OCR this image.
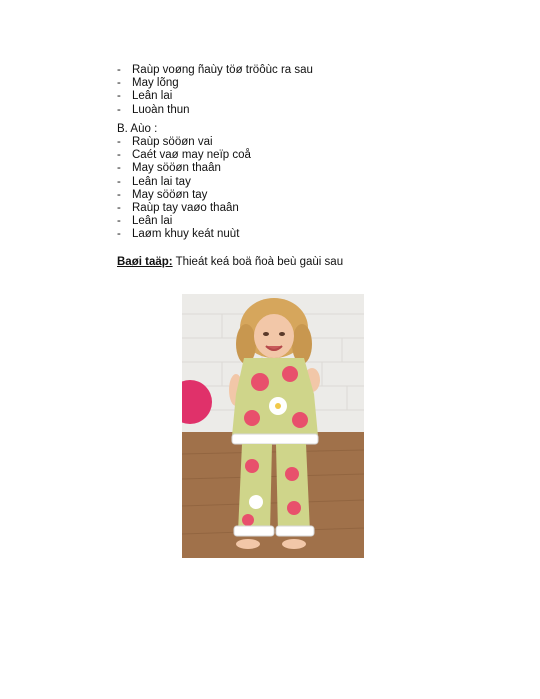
- Raùp voøng ñaùy töø tröôùc ra sau
- May lõng
- Leân lai
- Luoàn thun
B. Aùo :
- Raùp sööøn vai
- Caét vaø may neïp coå
- May sööøn thaân
- Leân lai tay
- May sööøn tay
- Raùp tay vaøo thaân
- Leân lai
- Laøm khuy keát nuùt
Baøi taäp: Thieát keá boä ñoà beù gaùi sau
